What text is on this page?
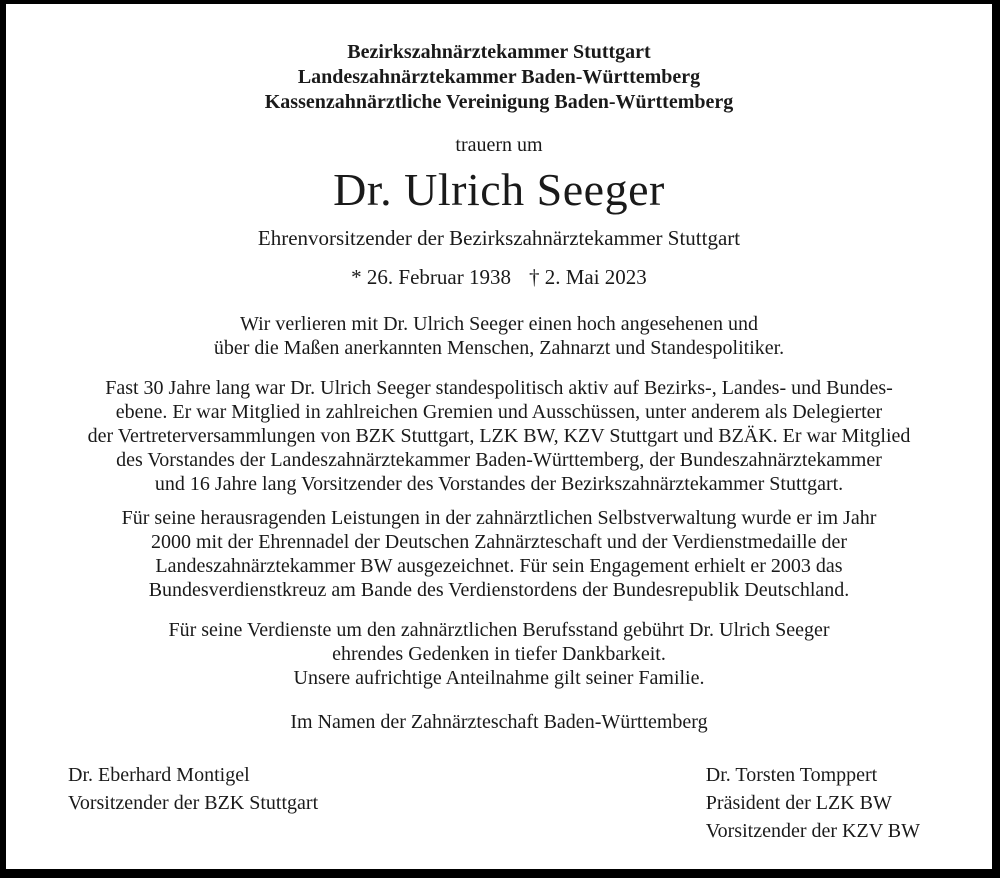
Bezirkszahnärztekammer Stuttgart
Landeszahnärztekammer Baden-Württemberg
Kassenzahnärztliche Vereinigung Baden-Württemberg
trauern um
Dr. Ulrich Seeger
Ehrenvorsitzender der Bezirkszahnärztekammer Stuttgart
* 26. Februar 1938 † 2. Mai 2023
Wir verlieren mit Dr. Ulrich Seeger einen hoch angesehenen und
über die Maßen anerkannten Menschen, Zahnarzt und Standespolitiker.
Fast 30 Jahre lang war Dr. Ulrich Seeger standespolitisch aktiv auf Bezirks-, Landes- und Bundes-
ebene. Er war Mitglied in zahlreichen Gremien und Ausschüssen, unter anderem als Delegierter
der Vertreterversammlungen von BZK Stuttgart, LZK BW, KZV Stuttgart und BZÄK. Er war Mitglied
des Vorstandes der Landeszahnärztekammer Baden-Württemberg, der Bundeszahnärztekammer
und 16 Jahre lang Vorsitzender des Vorstandes der Bezirkszahnärztekammer Stuttgart.
Für seine herausragenden Leistungen in der zahnärztlichen Selbstverwaltung wurde er im Jahr
2000 mit der Ehrennadel der Deutschen Zahnärzteschaft und der Verdienstmedaille der
Landeszahnärztekammer BW ausgezeichnet. Für sein Engagement erhielt er 2003 das
Bundesverdienstkreuz am Bande des Verdienstordens der Bundesrepublik Deutschland.
Für seine Verdienste um den zahnärztlichen Berufsstand gebührt Dr. Ulrich Seeger
ehrendes Gedenken in tiefer Dankbarkeit.
Unsere aufrichtige Anteilnahme gilt seiner Familie.
Im Namen der Zahnärzteschaft Baden-Württemberg
Dr. Eberhard Montigel
Vorsitzender der BZK Stuttgart
Dr. Torsten Tomppert
Präsident der LZK BW
Vorsitzender der KZV BW
